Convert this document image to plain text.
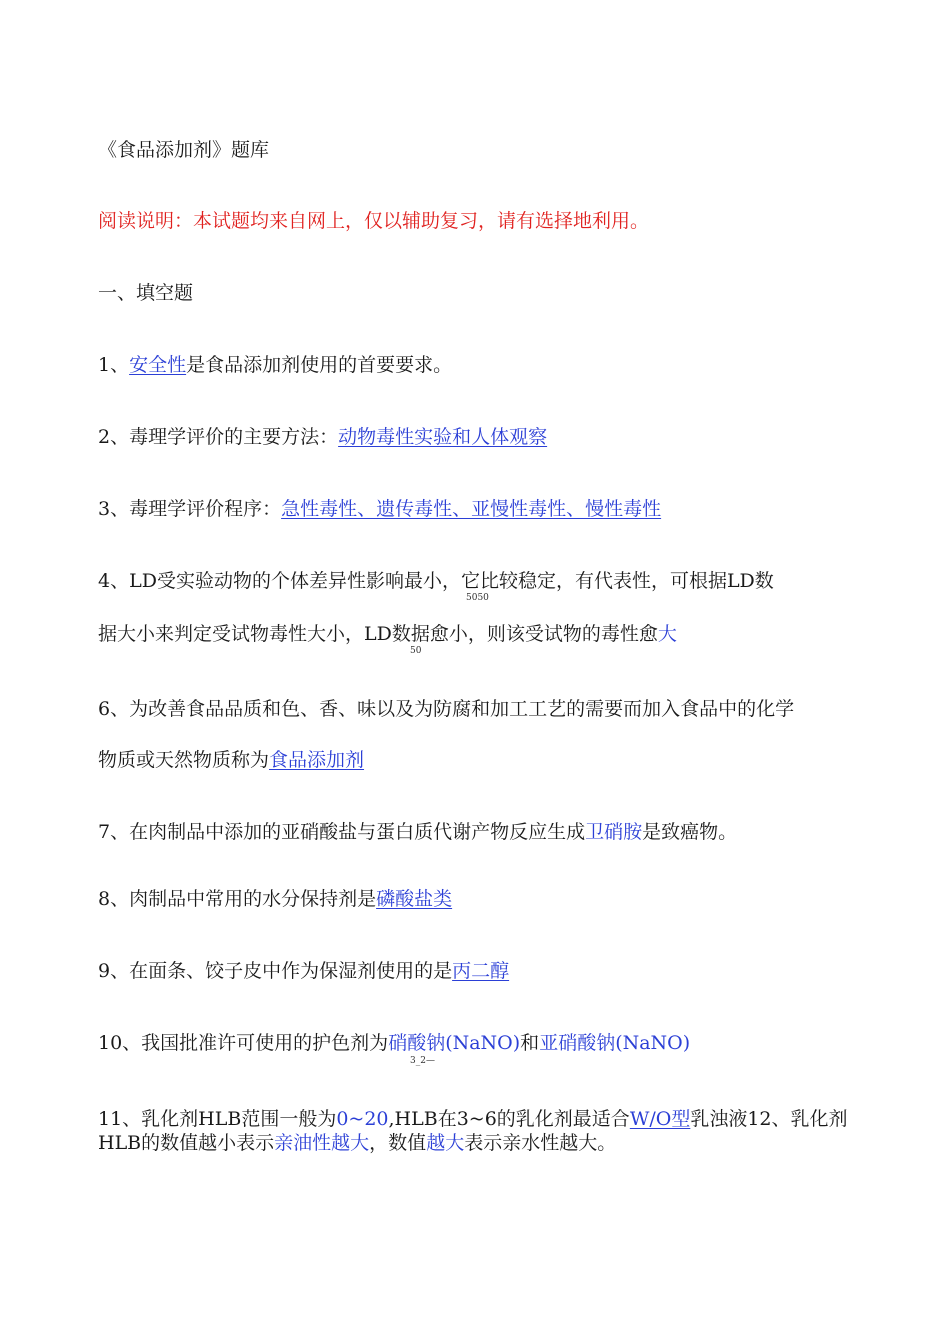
《食品添加剂》题库
阅读说明：本试题均来自网上，仅以辅助复习，请有选择地利用。
一、填空题
1、安全性是食品添加剂使用的首要要求。
2、毒理学评价的主要方法：动物毒性实验和人体观察
3、毒理学评价程序：急性毒性、遗传毒性、亚慢性毒性、慢性毒性
4、LD受实验动物的个体差异性影响最小，它比较稳定，有代表性，可根据LD数
5050
据大小来判定受试物毒性大小，LD数据愈小，则该受试物的毒性愈大
50
6、为改善食品品质和色、香、味以及为防腐和加工工艺的需要而加入食品中的化学
物质或天然物质称为食品添加剂
7、在肉制品中添加的亚硝酸盐与蛋白质代谢产物反应生成卫硝胺是致癌物。
8、肉制品中常用的水分保持剂是磷酸盐类
9、在面条、饺子皮中作为保湿剂使用的是丙二醇
10、我国批准许可使用的护色剂为硝酸钠(NaNO)和亚硝酸钠(NaNO)
3_2—
11、乳化剂HLB范围一般为0~20,HLB在3~6的乳化剂最适合W/O型乳浊液12、乳化剂
HLB的数值越小表示亲油性越大，数值越大表示亲水性越大。
